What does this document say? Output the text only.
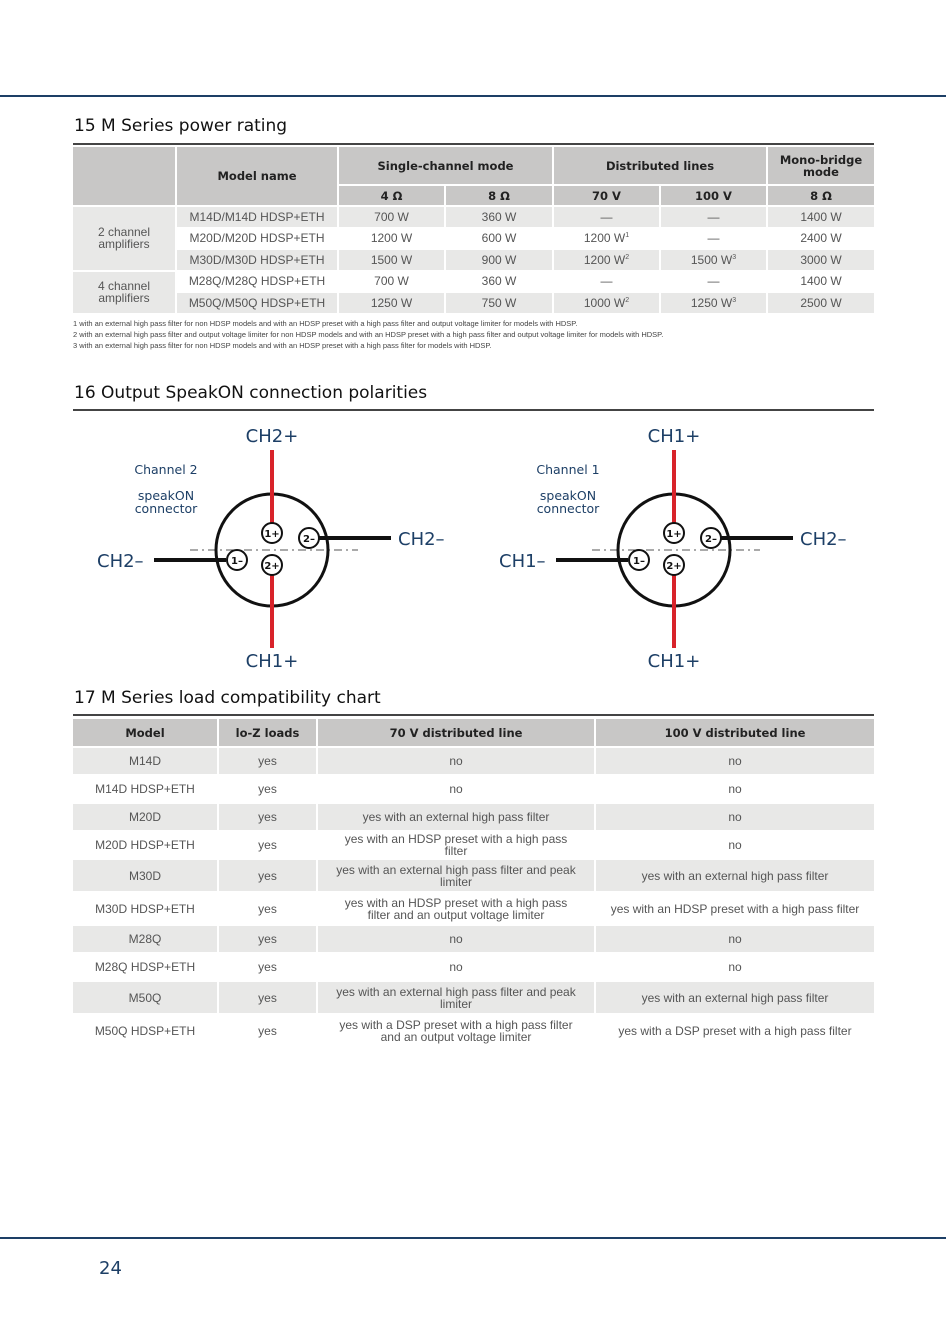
15 M Series power rating
	Model name	Single-channel mode		Distributed lines		Mono-bridge mode
		4 Ω	8 Ω	70 V	100 V	8 Ω
2 channel amplifiers	M14D/M14D HDSP+ETH	700 W	360 W	—	—	1400 W
	M20D/M20D HDSP+ETH	1200 W	600 W	1200 $W^1$	—	2400 W
	M30D/M30D HDSP+ETH	1500 W	900 W	1200 $W^2$	1500 $W^3$	3000 W
4 channel amplifiers	M28Q/M28Q HDSP+ETH	700 W	360 W	—	—	1400 W
	M50Q/M50Q HDSP+ETH	1250 W	750 W	1000 $W^2$	1250 $W^3$	2500 W
1 with an external high pass filter for non HDSP models and with an HDSP preset with a high pass filter and output voltage limiter for models with HDSP.
2 with an external high pass filter and output voltage limiter for non HDSP models and with an HDSP preset with a high pass filter and output voltage limiter for models with HDSP.
3 with an external high pass filter for non HDSP models and with an HDSP preset with a high pass filter for models with HDSP.
16 Output SpeakON connection polarities
1+ 2–
1– 2+
CH2+
CH2–
CH2–
CH1+
Channel 2
speakON
connector
1+ 2–
1– 2+
CH1+
CH2–
CH1–
CH1+
Channel 1
speakON
connector
17 M Series load compatibility chart
Model	lo-Z loads	70 V distributed line	100 V distributed line
M14D	yes	no	no
M14D HDSP+ETH	yes	no	no
M20D	yes	yes with an external high pass filter	no
M20D HDSP+ETH	yes	yes with an HDSP preset with a high pass filter	no
M30D	yes	yes with an external high pass filter and peak limiter	yes with an external high pass filter
M30D HDSP+ETH	yes	yes with an HDSP preset with a high pass filter and an output voltage limiter	yes with an HDSP preset with a high pass filter
M28Q	yes	no	no
M28Q HDSP+ETH	yes	no	no
M50Q	yes	yes with an external high pass filter and peak limiter	yes with an external high pass filter
M50Q HDSP+ETH	yes	yes with a DSP preset with a high pass filter and an output voltage limiter	yes with a DSP preset with a high pass filter
24
